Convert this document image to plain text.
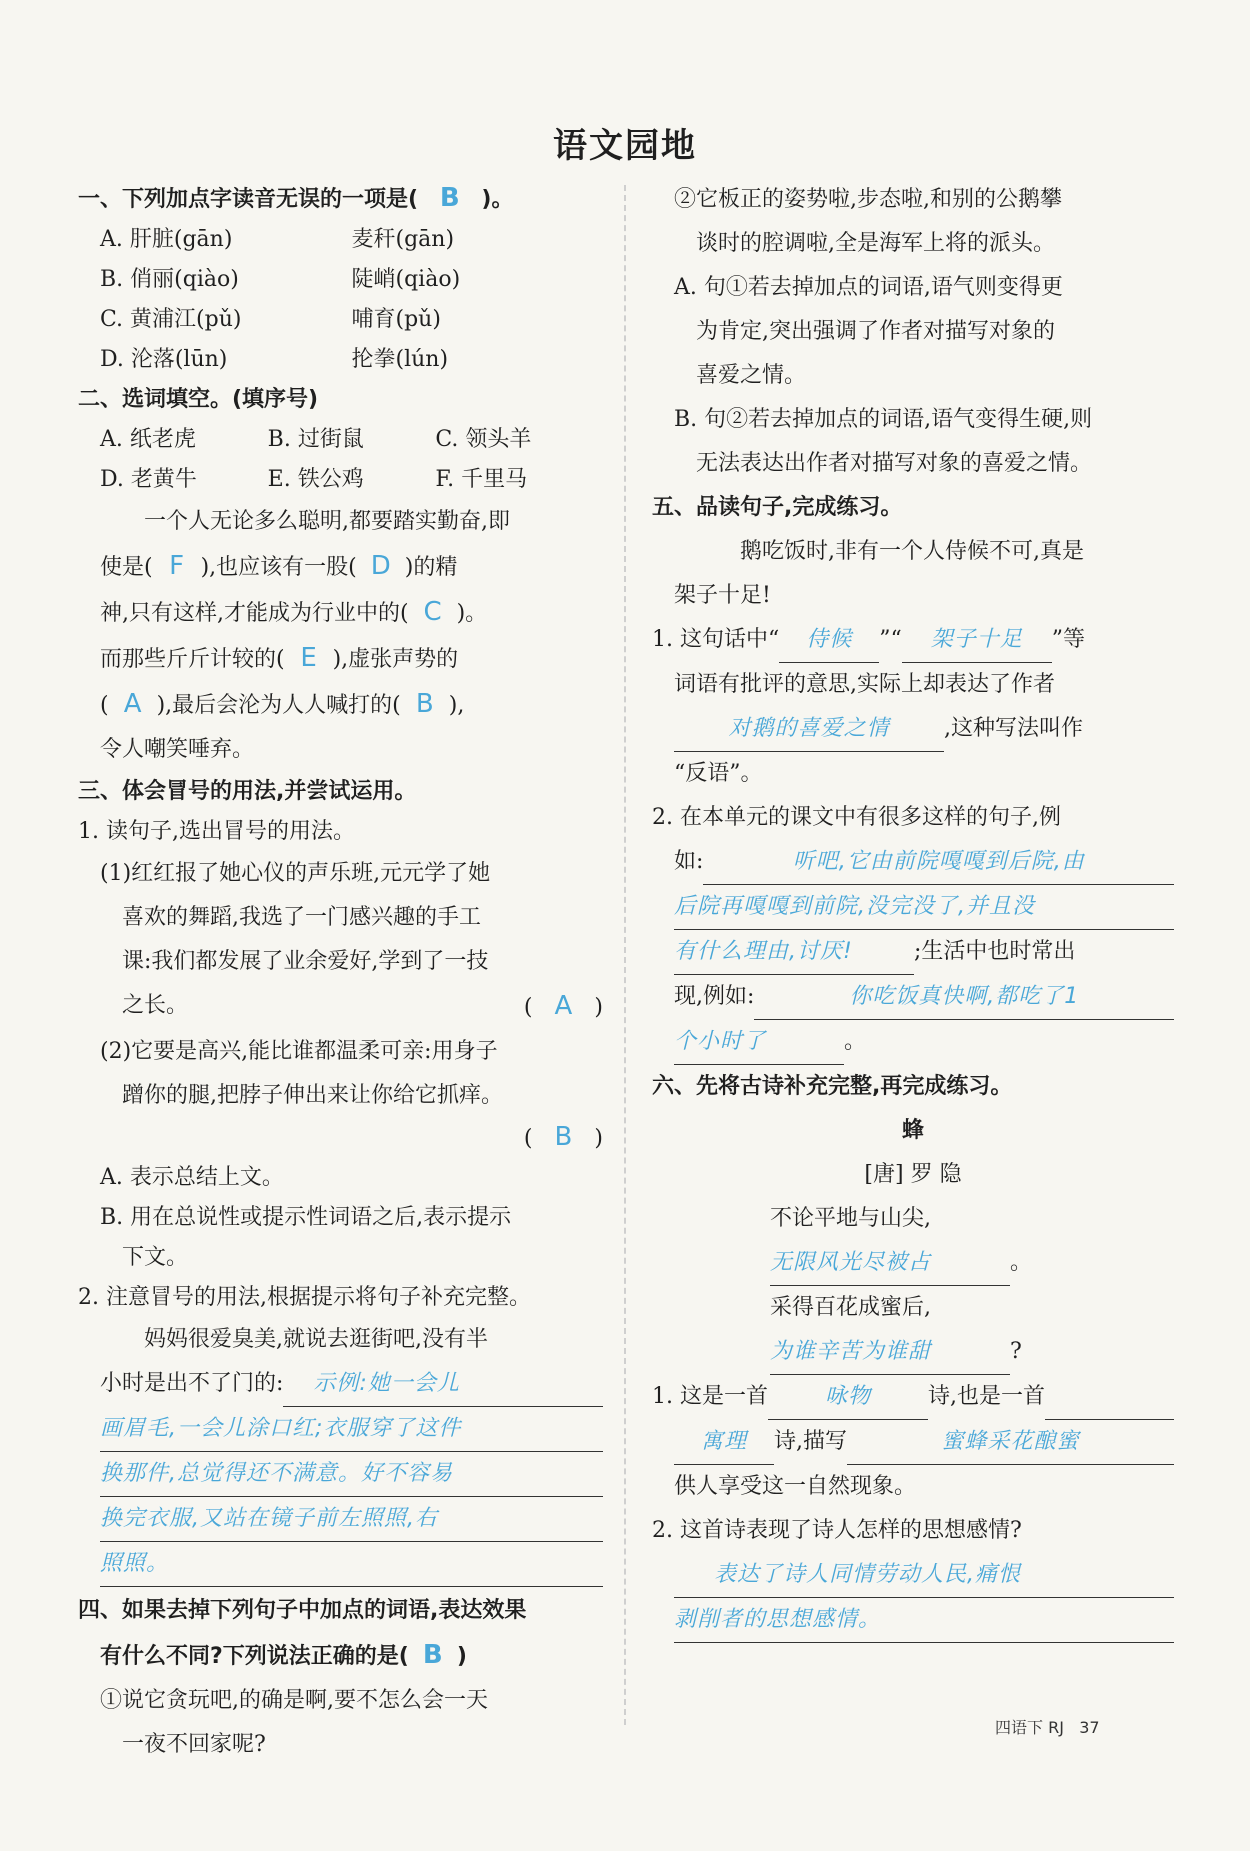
语文园地
一、下列加点字读音无误的一项是( B )。
A. 肝脏(gān)	麦秆(gān)
B. 俏丽(qiào)	陡峭(qiào)
C. 黄浦江(pǔ)	哺育(pǔ)
D. 沦落(lūn)	抡拳(lún)
二、选词填空。(填序号)
A. 纸老虎	B. 过街鼠	C. 领头羊
D. 老黄牛	E. 铁公鸡	F. 千里马
一个人无论多么聪明,都要踏实勤奋,即
使是( F ),也应该有一股( D )的精
神,只有这样,才能成为行业中的( C )。
而那些斤斤计较的( E ),虚张声势的
( A ),最后会沦为人人喊打的( B ),
令人嘲笑唾弃。
三、体会冒号的用法,并尝试运用。
1. 读句子,选出冒号的用法。
(1)红红报了她心仪的声乐班,元元学了她
喜欢的舞蹈,我选了一门感兴趣的手工
课:我们都发展了业余爱好,学到了一技
之长。	( A )
(2)它要是高兴,能比谁都温柔可亲:用身子
蹭你的腿,把脖子伸出来让你给它抓痒。
( B )
A. 表示总结上文。
B. 用在总说性或提示性词语之后,表示提示
下文。
2. 注意冒号的用法,根据提示将句子补充完整。
妈妈很爱臭美,就说去逛街吧,没有半
小时是出不了门的:	示例:她一会儿
画眉毛,一会儿涂口红;衣服穿了这件
换那件,总觉得还不满意。好不容易
换完衣服,又站在镜子前左照照,右
照照。
四、如果去掉下列句子中加点的词语,表达效果
有什么不同?下列说法正确的是( B )
①说它贪玩吧,的确是啊,要不怎么会一天
一夜不回家呢?
②它板正的姿势啦,步态啦,和别的公鹅攀
谈时的腔调啦,全是海军上将的派头。
A. 句①若去掉加点的词语,语气则变得更
为肯定,突出强调了作者对描写对象的
喜爱之情。
B. 句②若去掉加点的词语,语气变得生硬,则
无法表达出作者对描写对象的喜爱之情。
五、品读句子,完成练习。
鹅吃饭时,非有一个人侍候不可,真是
架子十足!
1. 这句话中“ 侍候 ”“ 架子十足 ”等
词语有批评的意思,实际上却表达了作者
对鹅的喜爱之情 ,这种写法叫作
“反语”。
2. 在本单元的课文中有很多这样的句子,例
如:	听吧,它由前院嘎嘎到后院,由
后院再嘎嘎到前院,没完没了,并且没
有什么理由,讨厌!	;生活中也时常出
现,例如:	你吃饭真快啊,都吃了1
个小时了	。
六、先将古诗补充完整,再完成练习。
蜂
[唐] 罗 隐
不论平地与山尖,
无限风光尽被占	。
采得百花成蜜后,
为谁辛苦为谁甜	?
1. 这是一首	咏物	诗,也是一首
寓理	诗,描写	蜜蜂采花酿蜜
供人享受这一自然现象。
2. 这首诗表现了诗人怎样的思想感情?
表达了诗人同情劳动人民,痛恨
剥削者的思想感情。
四语下 RJ 37
